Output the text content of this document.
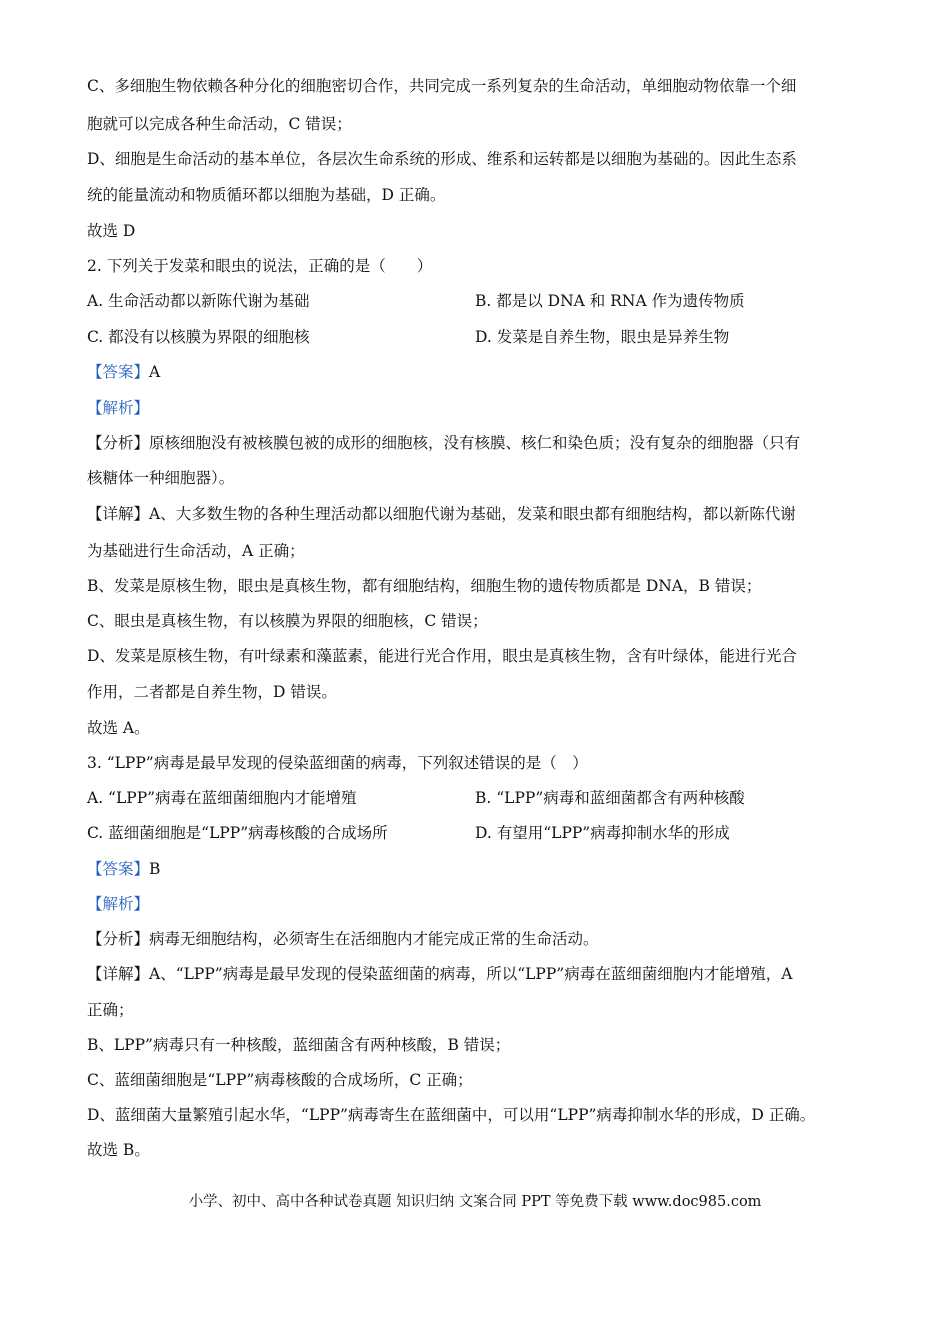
C、多细胞生物依赖各种分化的细胞密切合作，共同完成一系列复杂的生命活动，单细胞动物依靠一个细
胞就可以完成各种生命活动，C 错误；
D、细胞是生命活动的基本单位，各层次生命系统的形成、维系和运转都是以细胞为基础的。因此生态系
统的能量流动和物质循环都以细胞为基础，D 正确。
故选 D
2. 下列关于发菜和眼虫的说法，正确的是（　　）
A. 生命活动都以新陈代谢为基础	B. 都是以 DNA 和 RNA 作为遗传物质
C. 都没有以核膜为界限的细胞核	D. 发菜是自养生物，眼虫是异养生物
【答案】A
【解析】
【分析】原核细胞没有被核膜包被的成形的细胞核，没有核膜、核仁和染色质；没有复杂的细胞器（只有
核糖体一种细胞器）。
【详解】A、大多数生物的各种生理活动都以细胞代谢为基础，发菜和眼虫都有细胞结构，都以新陈代谢
为基础进行生命活动，A 正确；
B、发菜是原核生物，眼虫是真核生物，都有细胞结构，细胞生物的遗传物质都是 DNA，B 错误；
C、眼虫是真核生物，有以核膜为界限的细胞核，C 错误；
D、发菜是原核生物，有叶绿素和藻蓝素，能进行光合作用，眼虫是真核生物，含有叶绿体，能进行光合
作用，二者都是自养生物，D 错误。
故选 A。
3. “LPP”病毒是最早发现的侵染蓝细菌的病毒，下列叙述错误的是（　）
A. “LPP”病毒在蓝细菌细胞内才能增殖	B. “LPP”病毒和蓝细菌都含有两种核酸
C. 蓝细菌细胞是“LPP”病毒核酸的合成场所	D. 有望用“LPP”病毒抑制水华的形成
【答案】B
【解析】
【分析】病毒无细胞结构，必须寄生在活细胞内才能完成正常的生命活动。
【详解】A、“LPP”病毒是最早发现的侵染蓝细菌的病毒，所以“LPP”病毒在蓝细菌细胞内才能增殖，A
正确；
B、LPP”病毒只有一种核酸，蓝细菌含有两种核酸，B 错误；
C、蓝细菌细胞是“LPP”病毒核酸的合成场所，C 正确；
D、蓝细菌大量繁殖引起水华，“LPP”病毒寄生在蓝细菌中，可以用“LPP”病毒抑制水华的形成，D 正确。
故选 B。
小学、初中、高中各种试卷真题 知识归纳 文案合同 PPT 等免费下载 www.doc985.com
